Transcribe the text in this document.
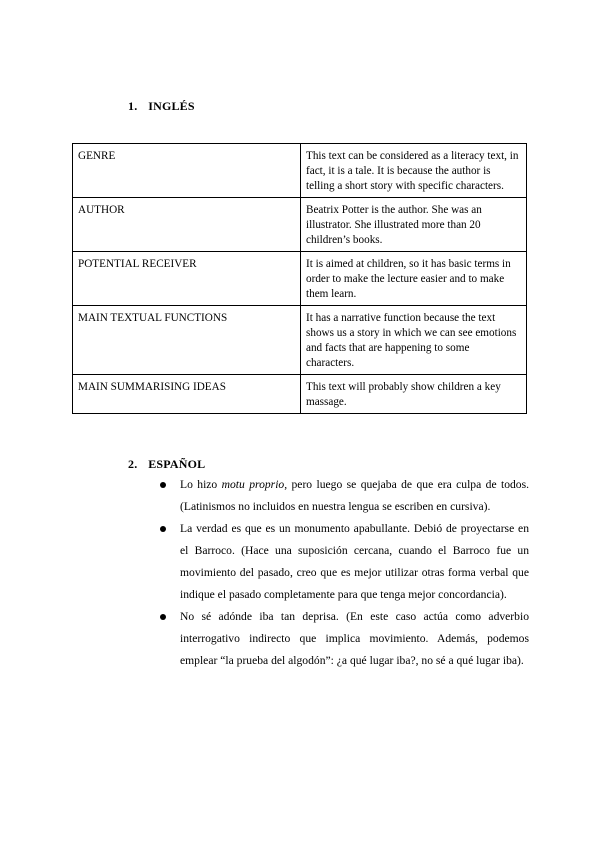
1. INGLÉS
GENRE	This text can be considered as a literacy text, in fact, it is a tale. It is because the author is telling a short story with specific characters.
AUTHOR	Beatrix Potter is the author. She was an illustrator. She illustrated more than 20 children’s books.
POTENTIAL RECEIVER	It is aimed at children, so it has basic terms in order to make the lecture easier and to make them learn.
MAIN TEXTUAL FUNCTIONS	It has a narrative function because the text shows us a story in which we can see emotions and facts that are happening to some characters.
MAIN SUMMARISING IDEAS	This text will probably show children a key massage.
2. ESPAÑOL
Lo hizo motu proprio, pero luego se quejaba de que era culpa de todos. (Latinismos no incluidos en nuestra lengua se escriben en cursiva).
La verdad es que es un monumento apabullante. Debió de proyectarse en el Barroco. (Hace una suposición cercana, cuando el Barroco fue un movimiento del pasado, creo que es mejor utilizar otras forma verbal que indique el pasado completamente para que tenga mejor concordancia).
No sé adónde iba tan deprisa. (En este caso actúa como adverbio interrogativo indirecto que implica movimiento. Además, podemos emplear “la prueba del algodón”: ¿a qué lugar iba?, no sé a qué lugar iba).
